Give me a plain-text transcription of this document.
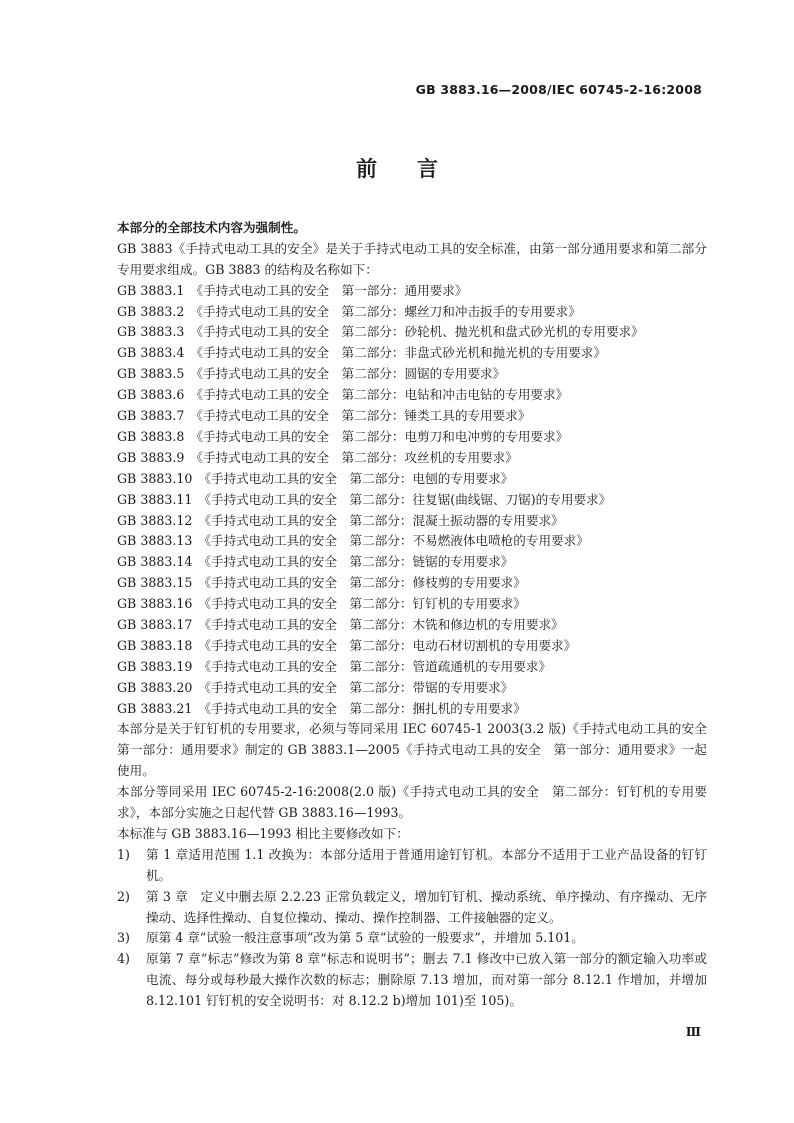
GB 3883.16—2008/IEC 60745-2-16:2008
前言
本部分的全部技术内容为强制性。
GB 3883《手持式电动工具的安全》是关于手持式电动工具的安全标准，由第一部分通用要求和第二部分专用要求组成。GB 3883 的结构及名称如下：
GB 3883.1 《手持式电动工具的安全　第一部分：通用要求》
GB 3883.2 《手持式电动工具的安全　第二部分：螺丝刀和冲击扳手的专用要求》
GB 3883.3 《手持式电动工具的安全　第二部分：砂轮机、抛光机和盘式砂光机的专用要求》
GB 3883.4 《手持式电动工具的安全　第二部分：非盘式砂光机和抛光机的专用要求》
GB 3883.5 《手持式电动工具的安全　第二部分：圆锯的专用要求》
GB 3883.6 《手持式电动工具的安全　第二部分：电钻和冲击电钻的专用要求》
GB 3883.7 《手持式电动工具的安全　第二部分：锤类工具的专用要求》
GB 3883.8 《手持式电动工具的安全　第二部分：电剪刀和电冲剪的专用要求》
GB 3883.9 《手持式电动工具的安全　第二部分：攻丝机的专用要求》
GB 3883.10 《手持式电动工具的安全　第二部分：电刨的专用要求》
GB 3883.11 《手持式电动工具的安全　第二部分：往复锯(曲线锯、刀锯)的专用要求》
GB 3883.12 《手持式电动工具的安全　第二部分：混凝土振动器的专用要求》
GB 3883.13 《手持式电动工具的安全　第二部分：不易燃液体电喷枪的专用要求》
GB 3883.14 《手持式电动工具的安全　第二部分：链锯的专用要求》
GB 3883.15 《手持式电动工具的安全　第二部分：修枝剪的专用要求》
GB 3883.16 《手持式电动工具的安全　第二部分：钉钉机的专用要求》
GB 3883.17 《手持式电动工具的安全　第二部分：木铣和修边机的专用要求》
GB 3883.18 《手持式电动工具的安全　第二部分：电动石材切割机的专用要求》
GB 3883.19 《手持式电动工具的安全　第二部分：管道疏通机的专用要求》
GB 3883.20 《手持式电动工具的安全　第二部分：带锯的专用要求》
GB 3883.21 《手持式电动工具的安全　第二部分：捆扎机的专用要求》
本部分是关于钉钉机的专用要求，必须与等同采用 IEC 60745-1 2003(3.2 版)《手持式电动工具的安全　第一部分：通用要求》制定的 GB 3883.1—2005《手持式电动工具的安全　第一部分：通用要求》一起使用。
本部分等同采用 IEC 60745-2-16:2008(2.0 版)《手持式电动工具的安全　第二部分：钉钉机的专用要求》，本部分实施之日起代替 GB 3883.16—1993。
本标准与 GB 3883.16—1993 相比主要修改如下：
1) 第 1 章适用范围 1.1 改换为：本部分适用于普通用途钉钉机。本部分不适用于工业产品设备的钉钉机。
2) 第 3 章　定义中删去原 2.2.23 正常负载定义，增加钉钉机、操动系统、单序操动、有序操动、无序操动、选择性操动、自复位操动、操动、操作控制器、工件接触器的定义。
3) 原第 4 章“试验一般注意事项”改为第 5 章“试验的一般要求”，并增加 5.101。
4) 原第 7 章“标志”修改为第 8 章“标志和说明书”；删去 7.1 修改中已放入第一部分的额定输入功率或电流、每分或每秒最大操作次数的标志；删除原 7.13 增加，而对第一部分 8.12.1 作增加，并增加 8.12.101 钉钉机的安全说明书：对 8.12.2 b)增加 101)至 105)。
Ⅲ
